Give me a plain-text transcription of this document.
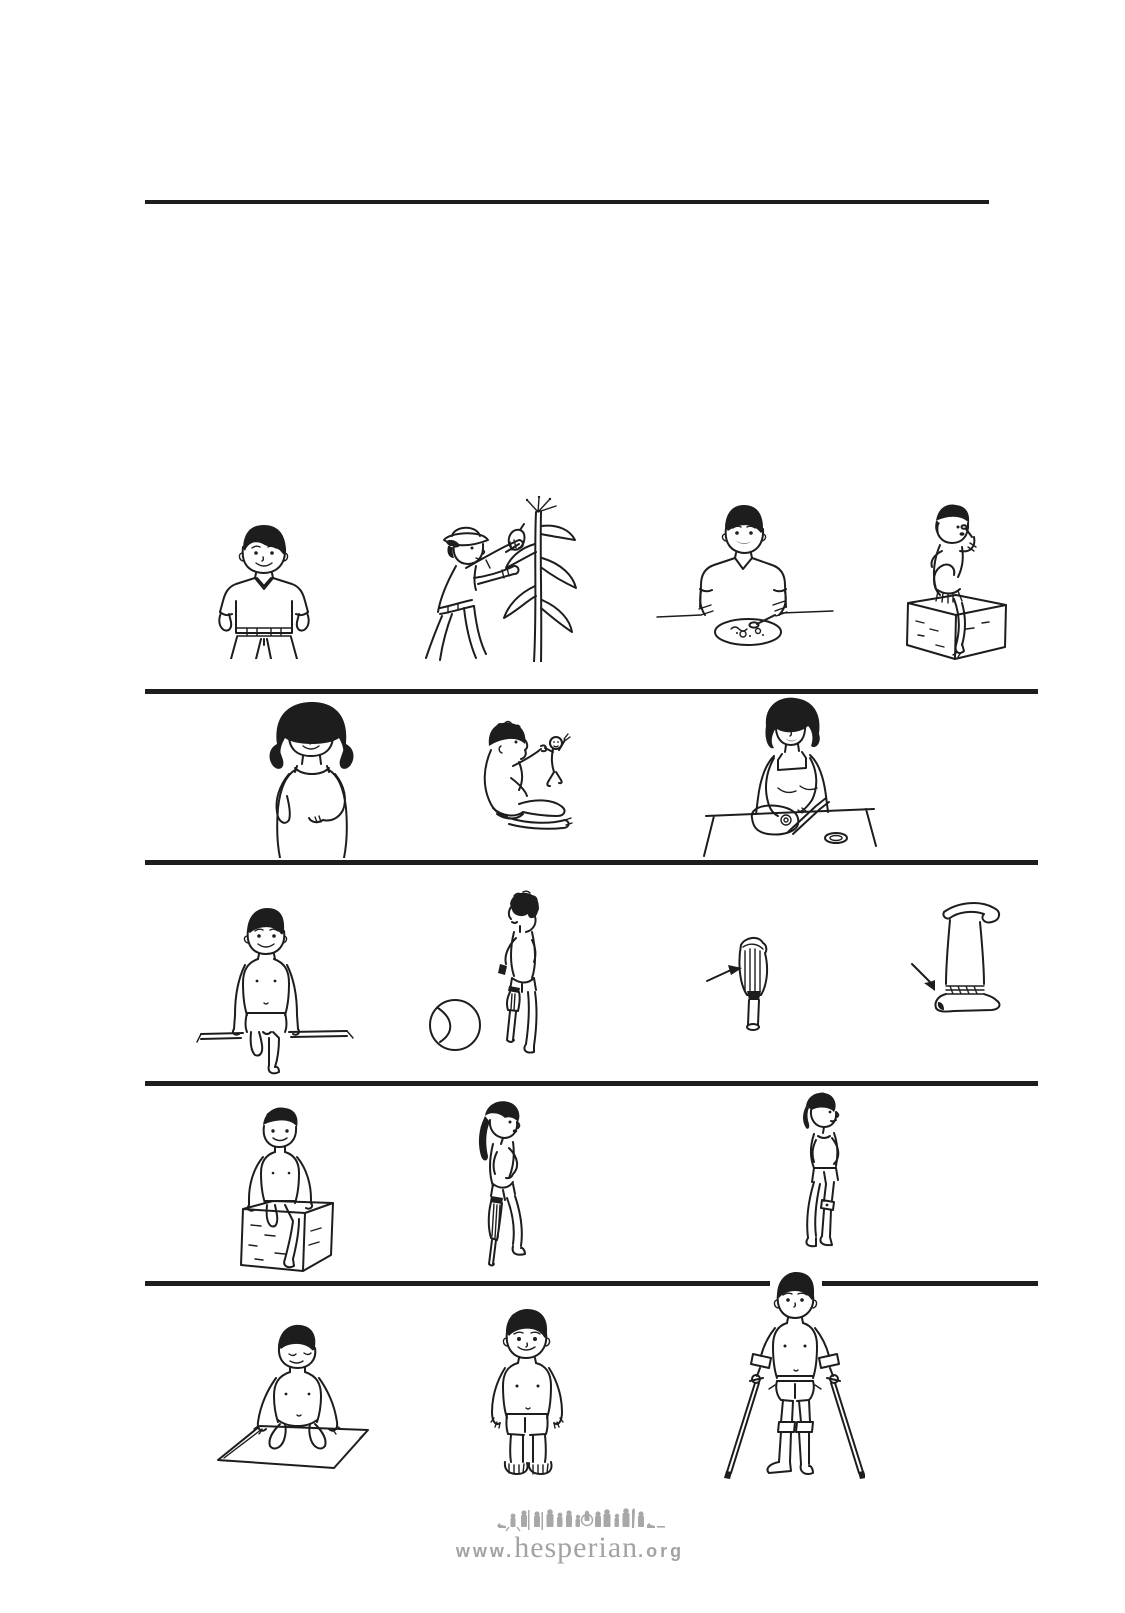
www. hesperian .org
